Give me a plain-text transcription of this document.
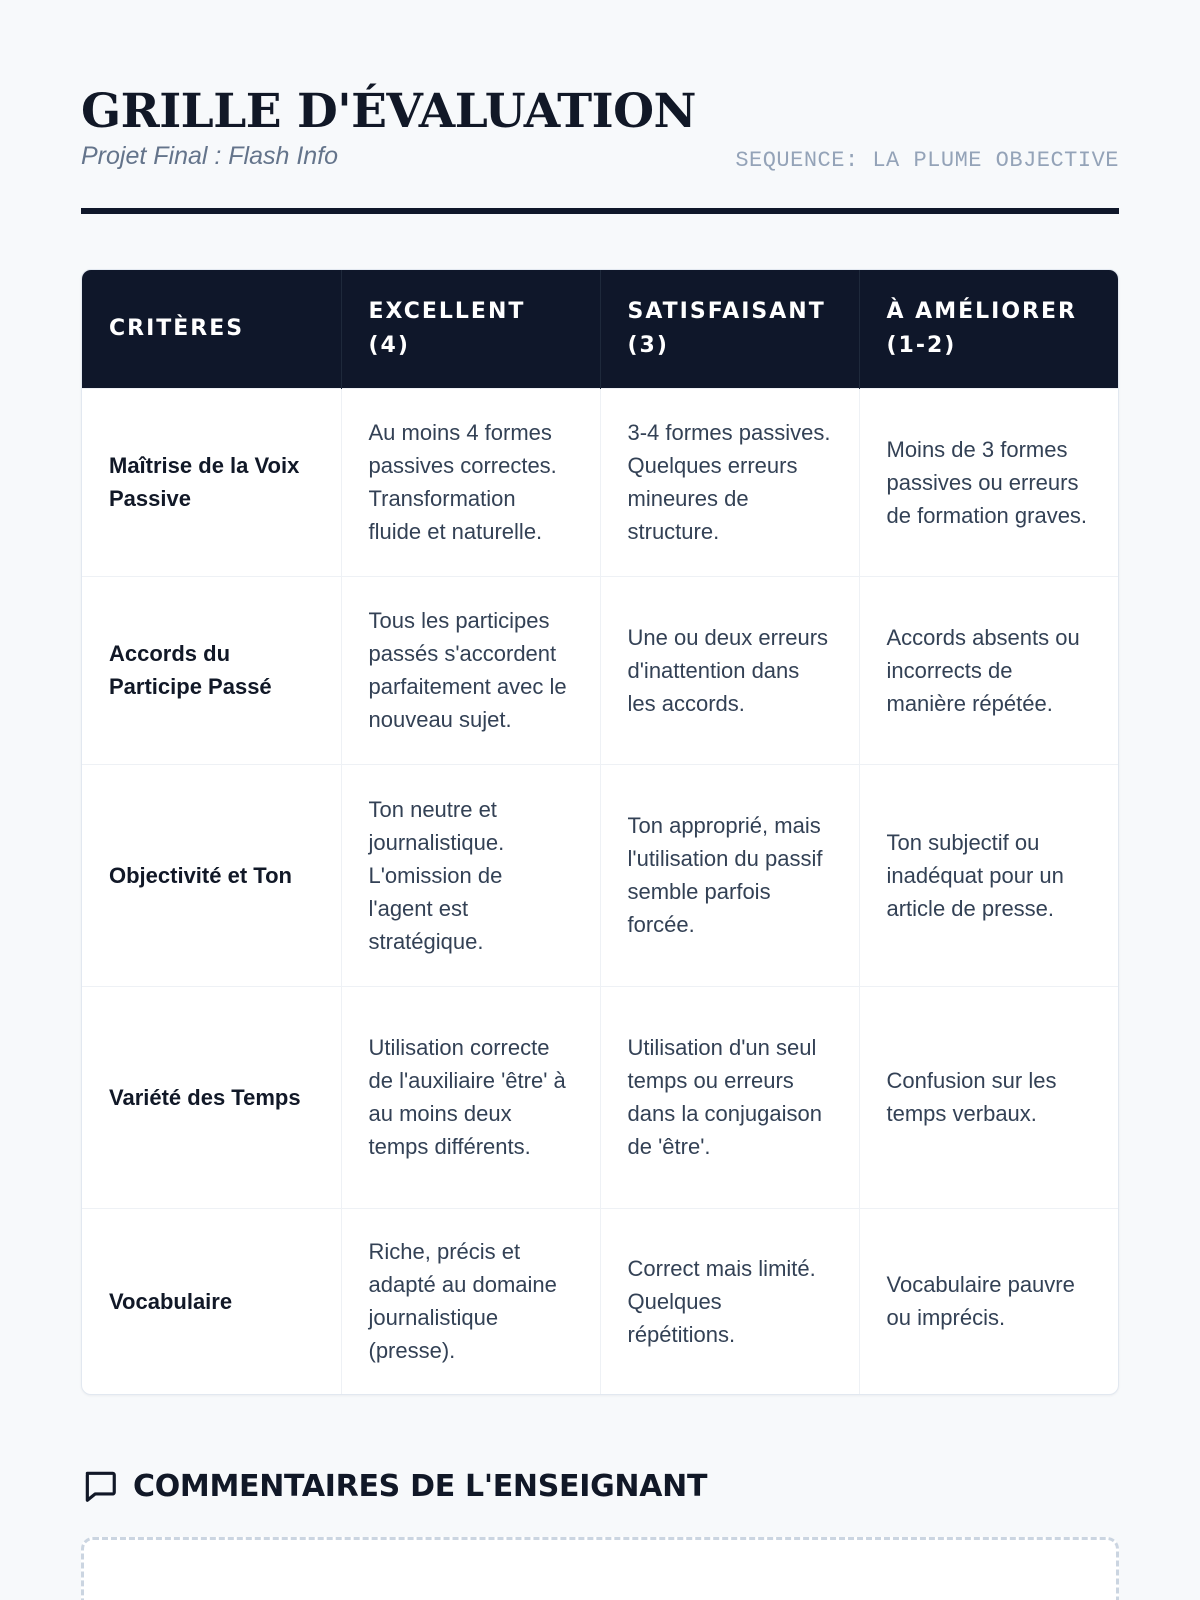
GRILLE D'ÉVALUATION
Projet Final : Flash Info	SEQUENCE: LA PLUME OBJECTIVE
CRITÈRES	EXCELLENT (4)	SATISFAISANT (3)	À AMÉLIORER (1-2)
Maîtrise de la Voix Passive	Au moins 4 formes passives correctes. Transformation fluide et naturelle.	3-4 formes passives. Quelques erreurs mineures de structure.	Moins de 3 formes passives ou erreurs de formation graves.
Accords du Participe Passé	Tous les participes passés s'accordent parfaitement avec le nouveau sujet.	Une ou deux erreurs d'inattention dans les accords.	Accords absents ou incorrects de manière répétée.
Objectivité et Ton	Ton neutre et journalistique. L'omission de l'agent est stratégique.	Ton approprié, mais l'utilisation du passif semble parfois forcée.	Ton subjectif ou inadéquat pour un article de presse.
Variété des Temps	Utilisation correcte de l'auxiliaire 'être' à au moins deux temps différents.	Utilisation d'un seul temps ou erreurs dans la conjugaison de 'être'.	Confusion sur les temps verbaux.
Vocabulaire	Riche, précis et adapté au domaine journalistique (presse).	Correct mais limité. Quelques répétitions.	Vocabulaire pauvre ou imprécis.
COMMENTAIRES DE L'ENSEIGNANT
